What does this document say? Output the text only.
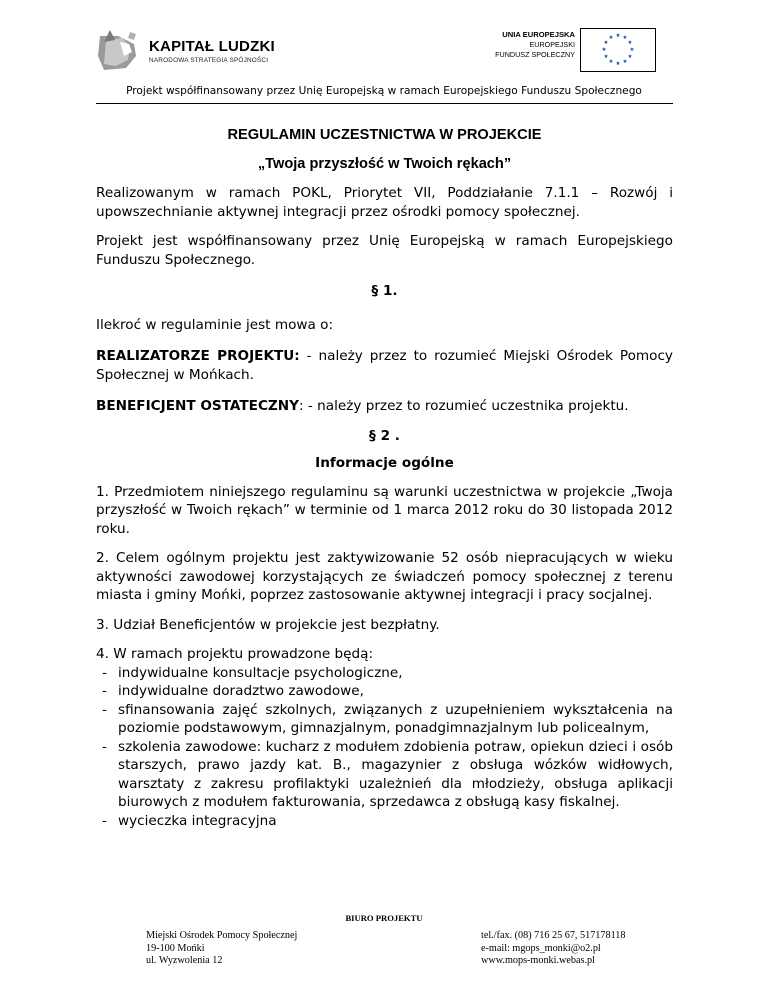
KAPITAŁ LUDZKI
NARODOWA STRATEGIA SPÓJNOŚCI
UNIA EUROPEJSKA
EUROPEJSKI
FUNDUSZ SPOŁECZNY
★ ★
★
★
★
★
★
★
★
★
★
★
Projekt współfinansowany przez Unię Europejską w ramach Europejskiego Funduszu Społecznego

REGULAMIN UCZESTNICTWA W PROJEKCIE

„Twoja przyszłość w Twoich rękach”

Realizowanym w ramach POKL, Priorytet VII, Poddziałanie 7.1.1 – Rozwój i upowszechnianie aktywnej integracji przez ośrodki pomocy społecznej.

Projekt jest współfinansowany przez Unię Europejską w ramach Europejskiego Funduszu Społecznego.

§ 1.

Ilekroć w regulaminie jest mowa o:

REALIZATORZE PROJEKTU: - należy przez to rozumieć Miejski Ośrodek Pomocy Społecznej w Mońkach.

BENEFICJENT OSTATECZNY: - należy przez to rozumieć uczestnika projektu.

§ 2 .

Informacje ogólne

1. Przedmiotem niniejszego regulaminu są warunki uczestnictwa w projekcie „Twoja przyszłość w Twoich rękach” w terminie od 1 marca 2012 roku do 30 listopada 2012 roku.

2. Celem ogólnym projektu jest zaktywizowanie 52 osób niepracujących w wieku aktywności zawodowej korzystających ze świadczeń pomocy społecznej z terenu miasta i gminy Mońki, poprzez zastosowanie aktywnej integracji i pracy socjalnej.

3. Udział Beneficjentów w projekcie jest bezpłatny.

4. W ramach projektu prowadzone będą:

- indywidualne konsultacje psychologiczne,
- indywidualne doradztwo zawodowe,
- sfinansowania zajęć szkolnych, związanych z uzupełnieniem wykształcenia na poziomie podstawowym, gimnazjalnym, ponadgimnazjalnym lub policealnym,
- szkolenia zawodowe: kucharz z modułem zdobienia potraw, opiekun dzieci i osób starszych, prawo jazdy kat. B., magazynier z obsługa wózków widłowych, warsztaty z zakresu profilaktyki uzależnień dla młodzieży, obsługa aplikacji biurowych z modułem fakturowania, sprzedawca z obsługą kasy fiskalnej.
- wycieczka integracyjna
BIURO PROJEKTU
Miejski Ośrodek Pomocy Społecznej
19-100 Mońki
ul. Wyzwolenia 12
tel./fax. (08) 716 25 67, 517178118
e-mail: mgops_monki@o2.pl
www.mops-monki.webas.pl
